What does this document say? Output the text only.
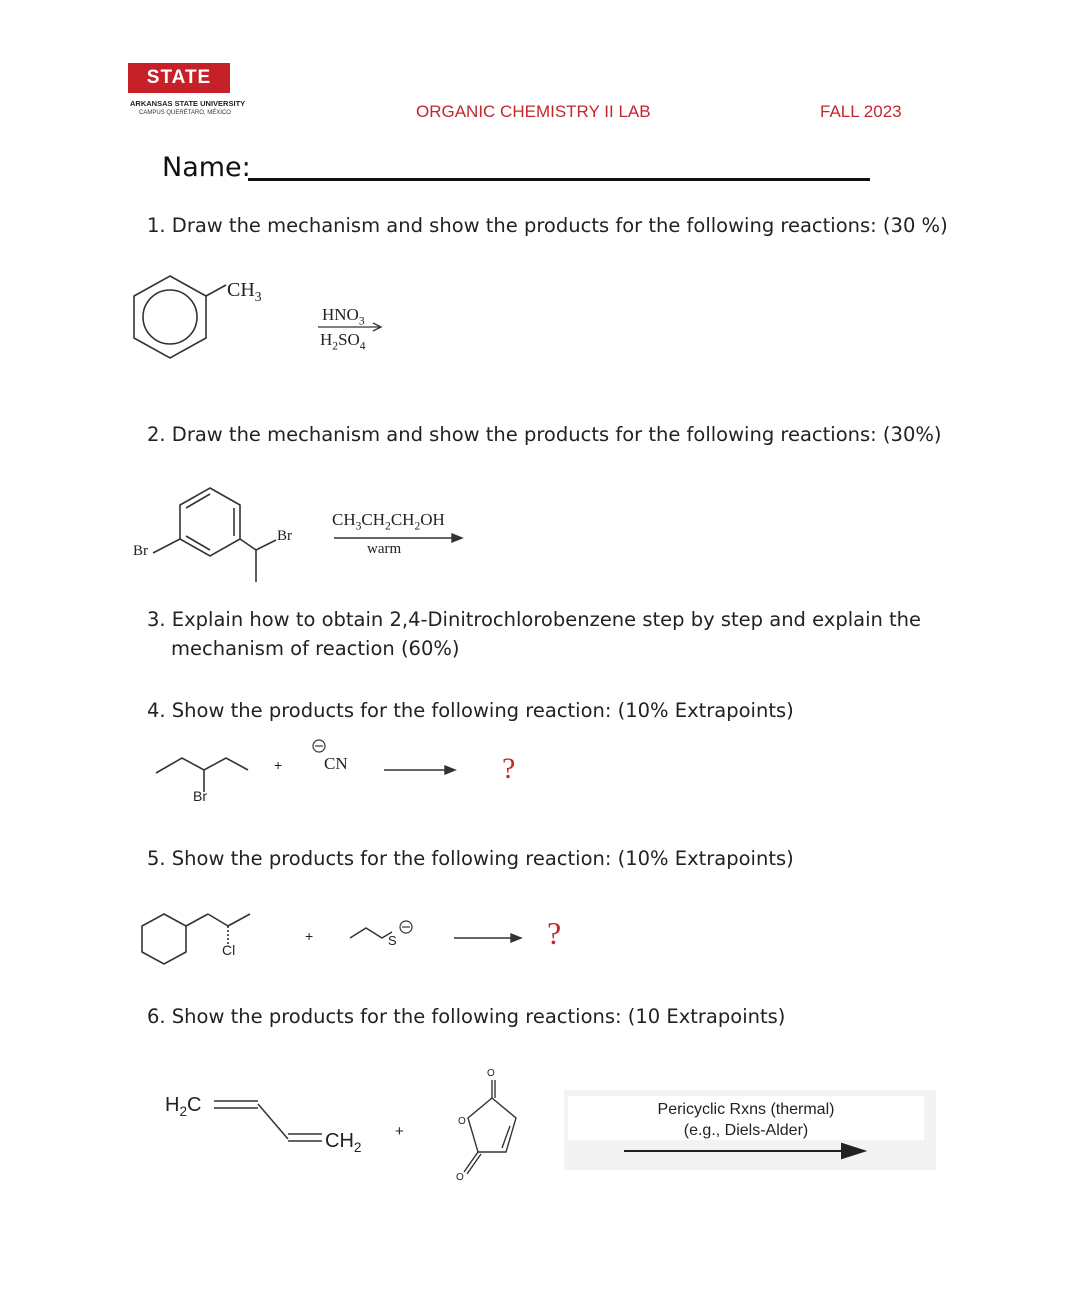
STATE
ARKANSAS STATE UNIVERSITY
CAMPUS QUERÉTARO, MÉXICO	ORGANIC CHEMISTRY II LAB	FALL 2023
Name:
1. Draw the mechanism and show the products for the following reactions: (30 %)
$CH_3$
$HNO_3$
$H_2SO_4$
2. Draw the mechanism and show the products for the following reactions: (30%)
Br
Br
$CH_3CH_2CH_2OH$
warm
3. Explain how to obtain 2,4-Dinitrochlorobenzene step by step and explain the
mechanism of reaction (60%)
4. Show the products for the following reaction: (10% Extrapoints)
Br
+ CN	?
5. Show the products for the following reaction: (10% Extrapoints)
Cl
+	S	?
6. Show the products for the following reactions: (10 Extrapoints)
$H_2C$
$CH_2$
+
O
O
O
Pericyclic Rxns (thermal)
(e.g., Diels-Alder)
